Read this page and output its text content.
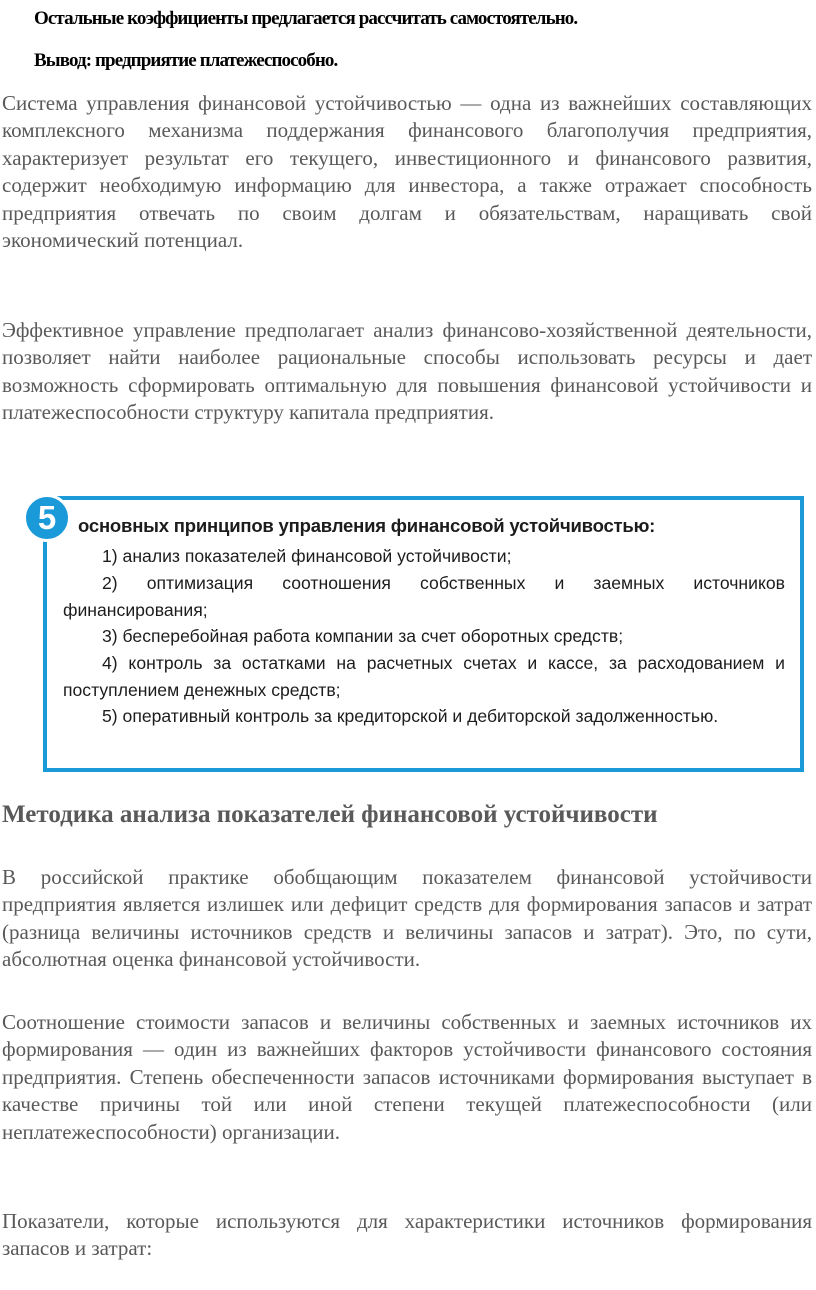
Остальные коэффициенты предлагается рассчитать самостоятельно.
Вывод: предприятие платежеспособно.
Система управления финансовой устойчивостью — одна из важнейших составляющих комплексного механизма поддержания финансового благополучия предприятия, характеризует результат его текущего, инвестиционного и финансового развития, содержит необходимую информацию для инвестора, а также отражает способность предприятия отвечать по своим долгам и обязательствам, наращивать свой экономический потенциал.
Эффективное управление предполагает анализ финансово-хозяйственной деятельности, позволяет найти наиболее рациональные способы использовать ресурсы и дает возможность сформировать оптимальную для повышения финансовой устойчивости и платежеспособности структуру капитала предприятия.
5	основных принципов управления финансовой устойчивостью:
1) анализ показателей финансовой устойчивости;
2) оптимизация соотношения собственных и заемных источников финансирования;
3) бесперебойная работа компании за счет оборотных средств;
4) контроль за остатками на расчетных счетах и кассе, за расходованием и поступлением денежных средств;
5) оперативный контроль за кредиторской и дебиторской задолженностью.
Методика анализа показателей финансовой устойчивости
В российской практике обобщающим показателем финансовой устойчивости предприятия является излишек или дефицит средств для формирования запасов и затрат (разница величины источников средств и величины запасов и затрат). Это, по сути, абсолютная оценка финансовой устойчивости.
Соотношение стоимости запасов и величины собственных и заемных источников их формирования — один из важнейших факторов устойчивости финансового состояния предприятия. Степень обеспеченности запасов источниками формирования выступает в качестве причины той или иной степени текущей платежеспособности (или неплатежеспособности) организации.
Показатели, которые используются для характеристики источников формирования запасов и затрат:
